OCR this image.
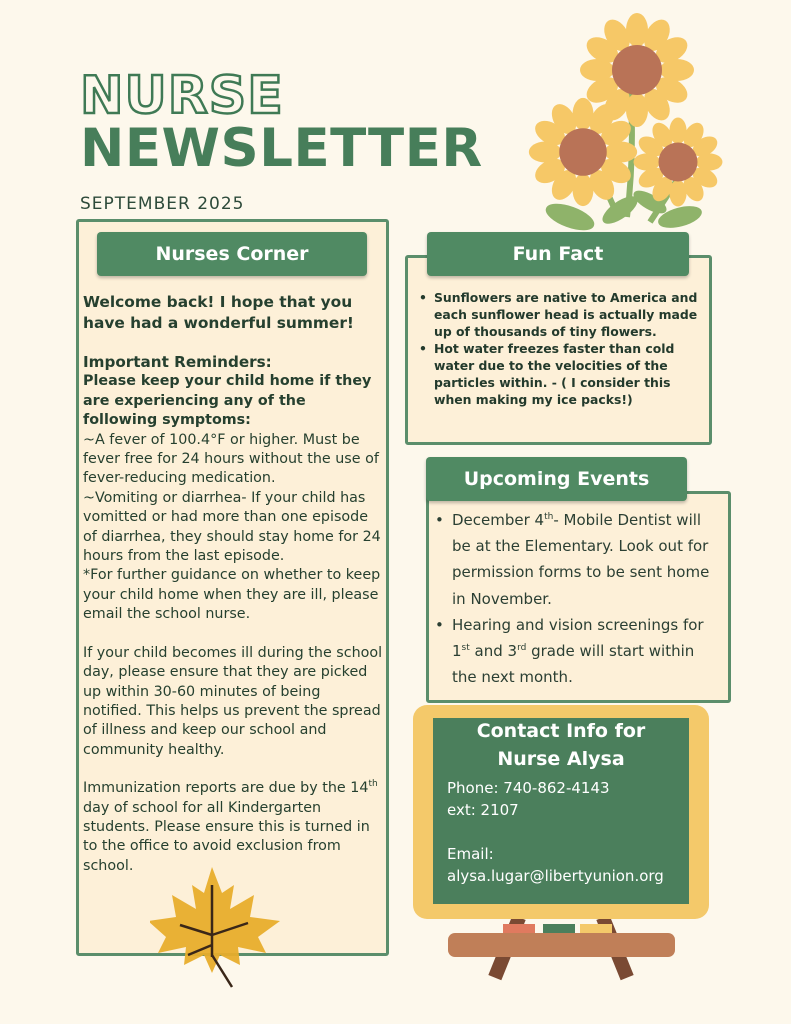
NURSE
NEWSLETTER
SEPTEMBER 2025
Nurses Corner

Welcome back! I hope that you have had a wonderful summer!

Important Reminders:

Please keep your child home if they are experiencing any of the following symptoms:

~A fever of 100.4°F or higher. Must be fever free for 24 hours without the use of fever-reducing medication.

~Vomiting or diarrhea- If your child has vomitted or had more than one episode of diarrhea, they should stay home for 24 hours from the last episode.

*For further guidance on whether to keep your child home when they are ill, please email the school nurse.

If your child becomes ill during the school day, please ensure that they are picked up within 30-60 minutes of being notified. This helps us prevent the spread of illness and keep our school and community healthy.

Immunization reports are due by the 14th day of school for all Kindergarten students. Please ensure this is turned in to the office to avoid exclusion from school.

Fun Fact
• Sunflowers are native to America and each sunflower head is actually made up of thousands of tiny flowers.
• Hot water freezes faster than cold water due to the velocities of the particles within. - ( I consider this when making my ice packs!)
Upcoming Events
• December 4th- Mobile Dentist will be at the Elementary. Look out for permission forms to be sent home in November.
• Hearing and vision screenings for 1st and 3rd grade will start within the next month.
Contact Info for
Nurse Alysa
Phone: 740-862-4143
ext: 2107
Email:
alysa.lugar@libertyunion.org
